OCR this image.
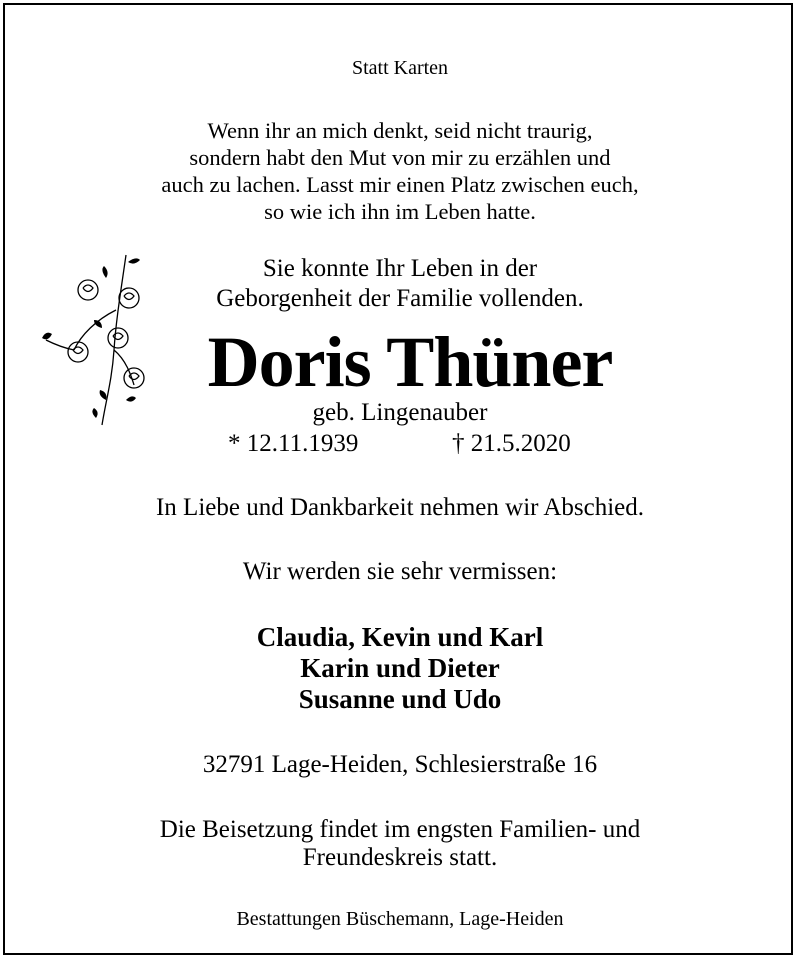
Statt Karten
Wenn ihr an mich denkt, seid nicht traurig,
sondern habt den Mut von mir zu erzählen und
auch zu lachen. Lasst mir einen Platz zwischen euch,
so wie ich ihn im Leben hatte.
Sie konnte Ihr Leben in der
Geborgenheit der Familie vollenden.
Doris Thüner
geb. Lingenauber
* 12.11.1939	† 21.5.2020
In Liebe und Dankbarkeit nehmen wir Abschied.
Wir werden sie sehr vermissen:
Claudia, Kevin und Karl
Karin und Dieter
Susanne und Udo
32791 Lage-Heiden, Schlesierstraße 16
Die Beisetzung findet im engsten Familien- und
Freundeskreis statt.
Bestattungen Büschemann, Lage-Heiden
